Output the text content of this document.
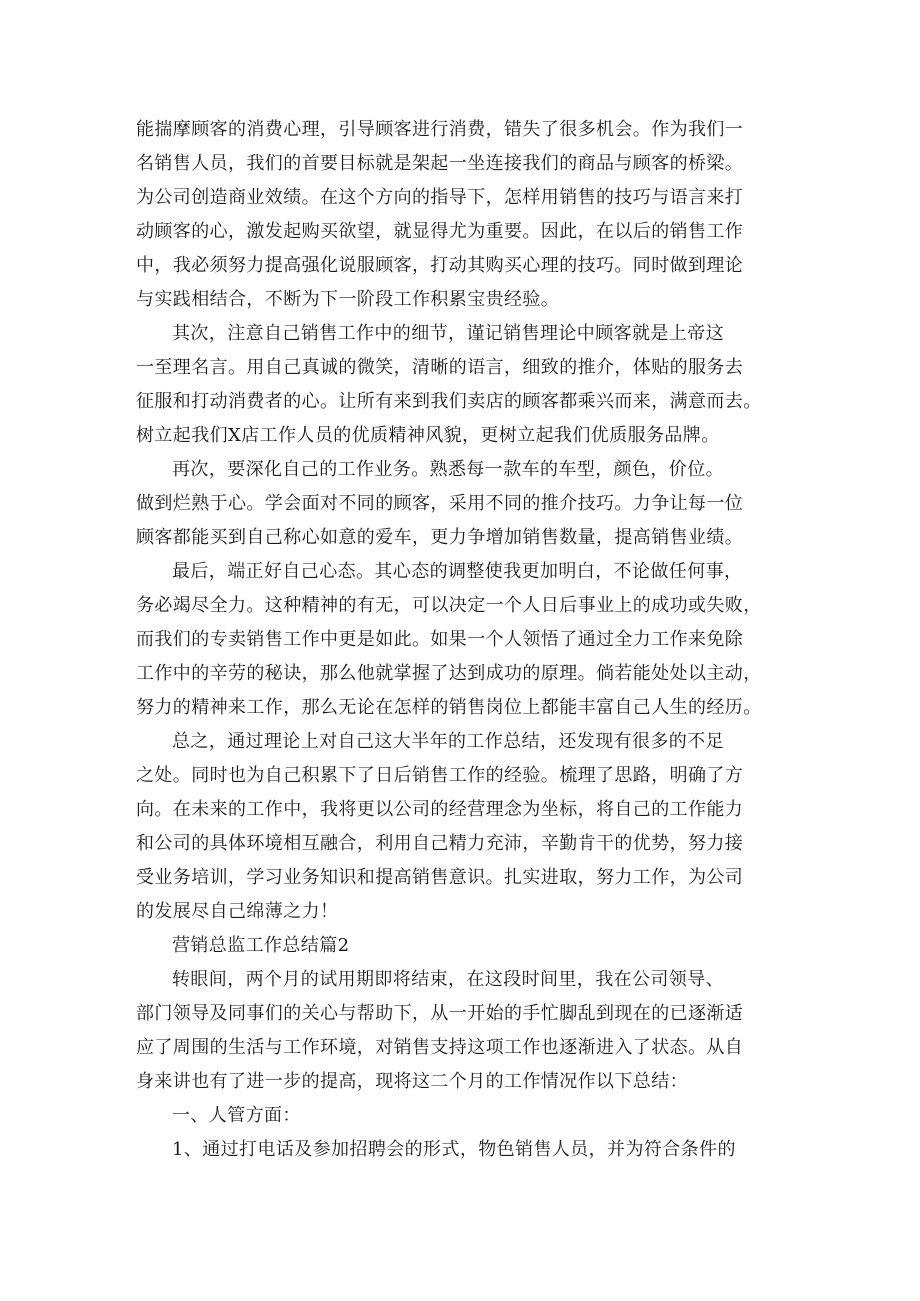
能揣摩顾客的消费心理，引导顾客进行消费，错失了很多机会。作为我们一
名销售人员，我们的首要目标就是架起一坐连接我们的商品与顾客的桥梁。
为公司创造商业效绩。在这个方向的指导下，怎样用销售的技巧与语言来打
动顾客的心，激发起购买欲望，就显得尤为重要。因此，在以后的销售工作
中，我必须努力提高强化说服顾客，打动其购买心理的技巧。同时做到理论
与实践相结合，不断为下一阶段工作积累宝贵经验。
其次，注意自己销售工作中的细节，谨记销售理论中顾客就是上帝这
一至理名言。用自己真诚的微笑，清晰的语言，细致的推介，体贴的服务去
征服和打动消费者的心。让所有来到我们卖店的顾客都乘兴而来，满意而去。
树立起我们X店工作人员的优质精神风貌，更树立起我们优质服务品牌。
再次，要深化自己的工作业务。熟悉每一款车的车型，颜色，价位。
做到烂熟于心。学会面对不同的顾客，采用不同的推介技巧。力争让每一位
顾客都能买到自己称心如意的爱车，更力争增加销售数量，提高销售业绩。
最后，端正好自己心态。其心态的调整使我更加明白，不论做任何事，
务必竭尽全力。这种精神的有无，可以决定一个人日后事业上的成功或失败，
而我们的专卖销售工作中更是如此。如果一个人领悟了通过全力工作来免除
工作中的辛劳的秘诀，那么他就掌握了达到成功的原理。倘若能处处以主动，
努力的精神来工作，那么无论在怎样的销售岗位上都能丰富自己人生的经历。
总之，通过理论上对自己这大半年的工作总结，还发现有很多的不足
之处。同时也为自己积累下了日后销售工作的经验。梳理了思路，明确了方
向。在未来的工作中，我将更以公司的经营理念为坐标，将自己的工作能力
和公司的具体环境相互融合，利用自己精力充沛，辛勤肯干的优势，努力接
受业务培训，学习业务知识和提高销售意识。扎实进取，努力工作，为公司
的发展尽自己绵薄之力！
营销总监工作总结篇2
转眼间，两个月的试用期即将结束，在这段时间里，我在公司领导、
部门领导及同事们的关心与帮助下，从一开始的手忙脚乱到现在的已逐渐适
应了周围的生活与工作环境，对销售支持这项工作也逐渐进入了状态。从自
身来讲也有了进一步的提高，现将这二个月的工作情况作以下总结：
一、人管方面：
1、通过打电话及参加招聘会的形式，物色销售人员，并为符合条件的
